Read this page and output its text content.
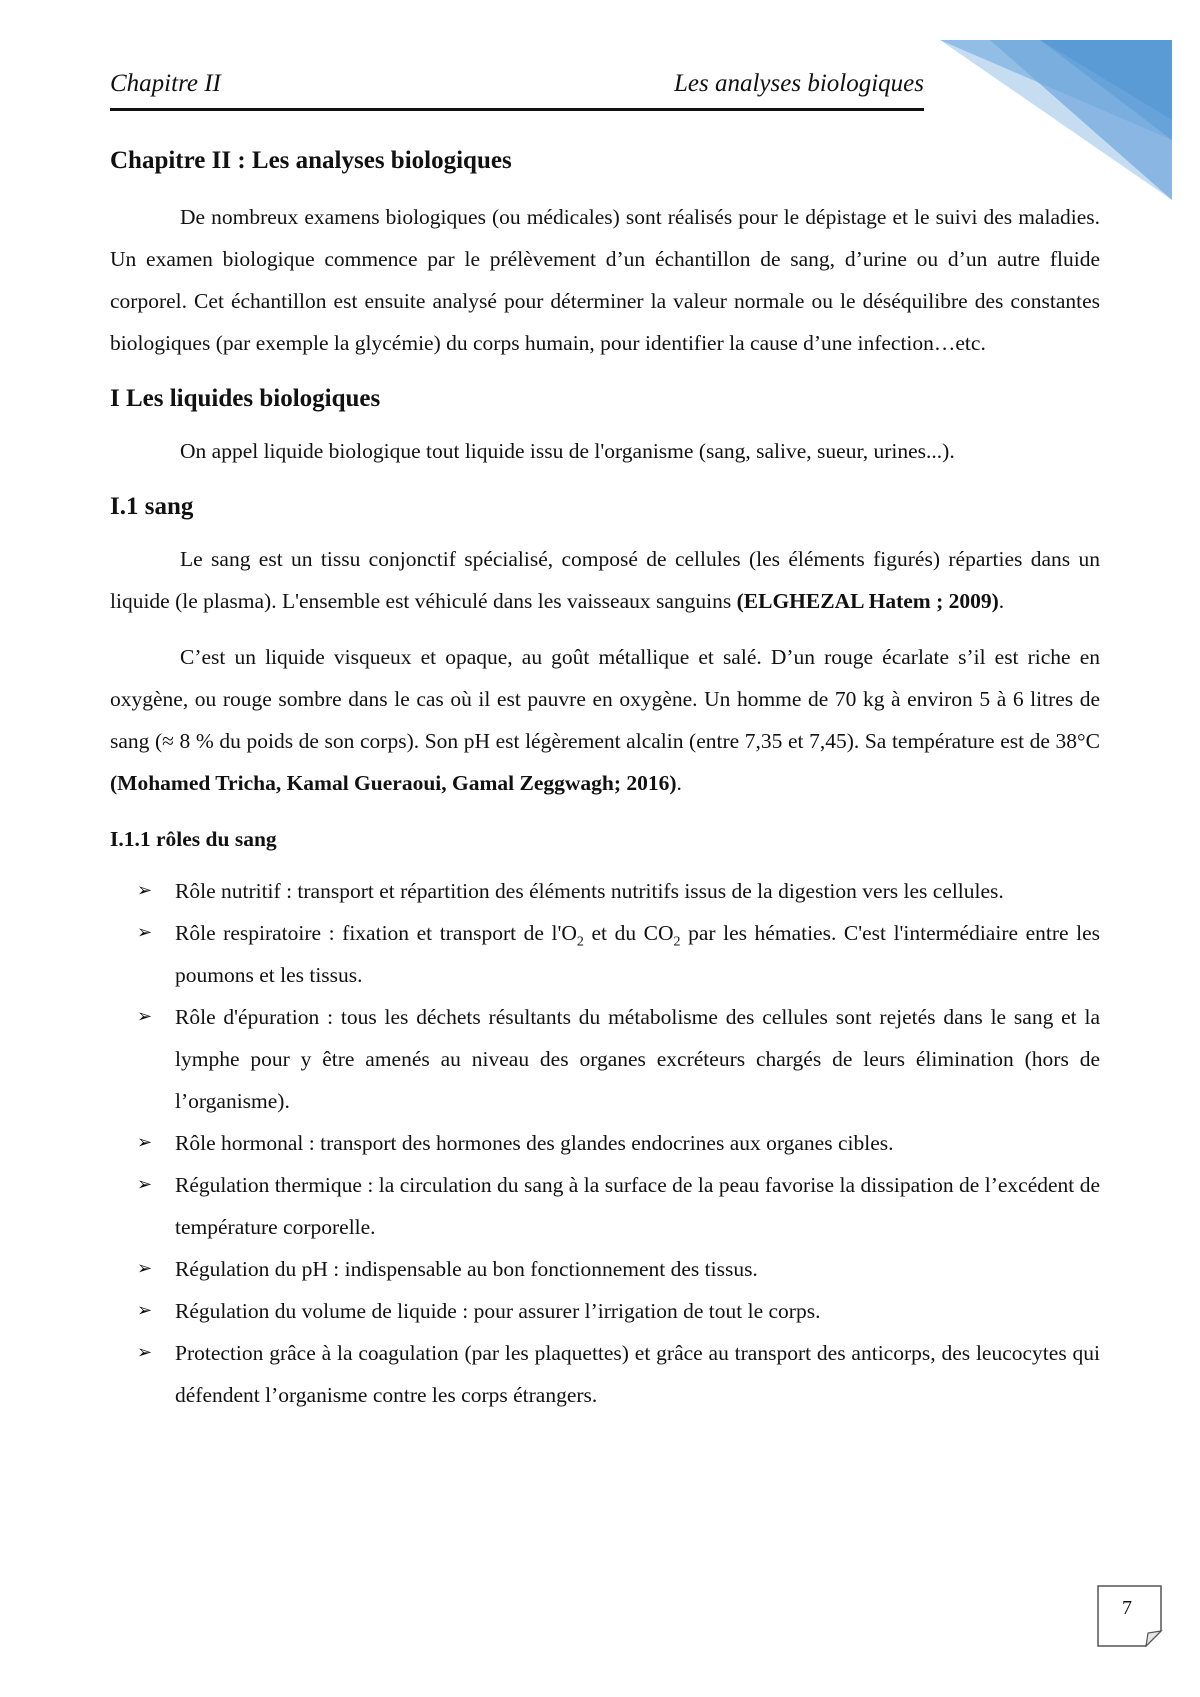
Chapitre II	Les analyses biologiques
Chapitre II : Les analyses biologiques

De nombreux examens biologiques (ou médicales) sont réalisés pour le dépistage et le suivi des maladies. Un examen biologique commence par le prélèvement d’un échantillon de sang, d’urine ou d’un autre fluide corporel. Cet échantillon est ensuite analysé pour déterminer la valeur normale ou le déséquilibre des constantes biologiques (par exemple la glycémie) du corps humain, pour identifier la cause d’une infection…etc.

I Les liquides biologiques

On appel liquide biologique tout liquide issu de l'organisme (sang, salive, sueur, urines...).

I.1 sang

Le sang est un tissu conjonctif spécialisé, composé de cellules (les éléments figurés) réparties dans un liquide (le plasma). L'ensemble est véhiculé dans les vaisseaux sanguins (ELGHEZAL Hatem ; 2009).

C’est un liquide visqueux et opaque, au goût métallique et salé. D’un rouge écarlate s’il est riche en oxygène, ou rouge sombre dans le cas où il est pauvre en oxygène. Un homme de 70 kg à environ 5 à 6 litres de sang (≈ 8 % du poids de son corps). Son pH est légèrement alcalin (entre 7,35 et 7,45). Sa température est de 38°C (Mohamed Tricha, Kamal Gueraoui, Gamal Zeggwagh; 2016).

I.1.1 rôles du sang
➢ Rôle nutritif : transport et répartition des éléments nutritifs issus de la digestion vers les cellules.
➢ Rôle respiratoire : fixation et transport de $l'O_2$ et du $CO_2$ par les hématies. C'est l'intermédiaire entre les poumons et les tissus.
➢ Rôle d'épuration : tous les déchets résultants du métabolisme des cellules sont rejetés dans le sang et la lymphe pour y être amenés au niveau des organes excréteurs chargés de leurs élimination (hors de l’organisme).
➢ Rôle hormonal : transport des hormones des glandes endocrines aux organes cibles.
➢ Régulation thermique : la circulation du sang à la surface de la peau favorise la dissipation de l’excédent de température corporelle.
➢ Régulation du pH : indispensable au bon fonctionnement des tissus.
➢ Régulation du volume de liquide : pour assurer l’irrigation de tout le corps.
➢ Protection grâce à la coagulation (par les plaquettes) et grâce au transport des anticorps, des leucocytes qui défendent l’organisme contre les corps étrangers.
7
